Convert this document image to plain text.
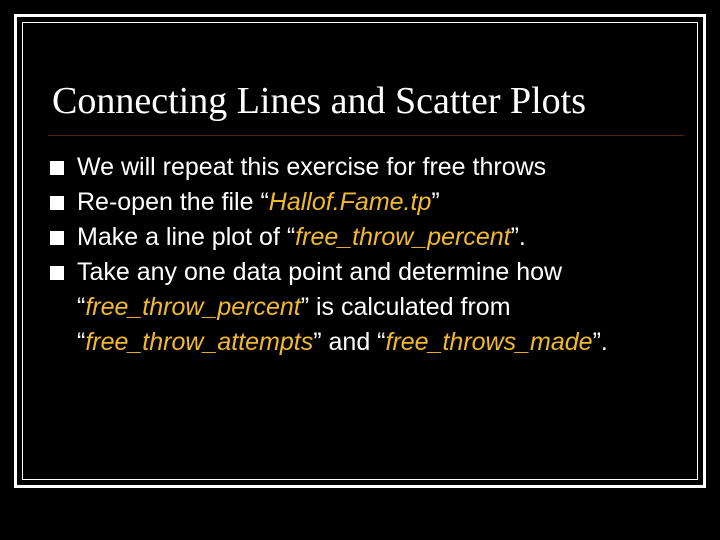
Connecting Lines and Scatter Plots
We will repeat this exercise for free throws
Re-open the file “Hallof.Fame.tp”
Make a line plot of “free_throw_percent”.
Take any one data point and determine how “free_throw_percent” is calculated from “free_throw_attempts” and “free_throws_made”.
